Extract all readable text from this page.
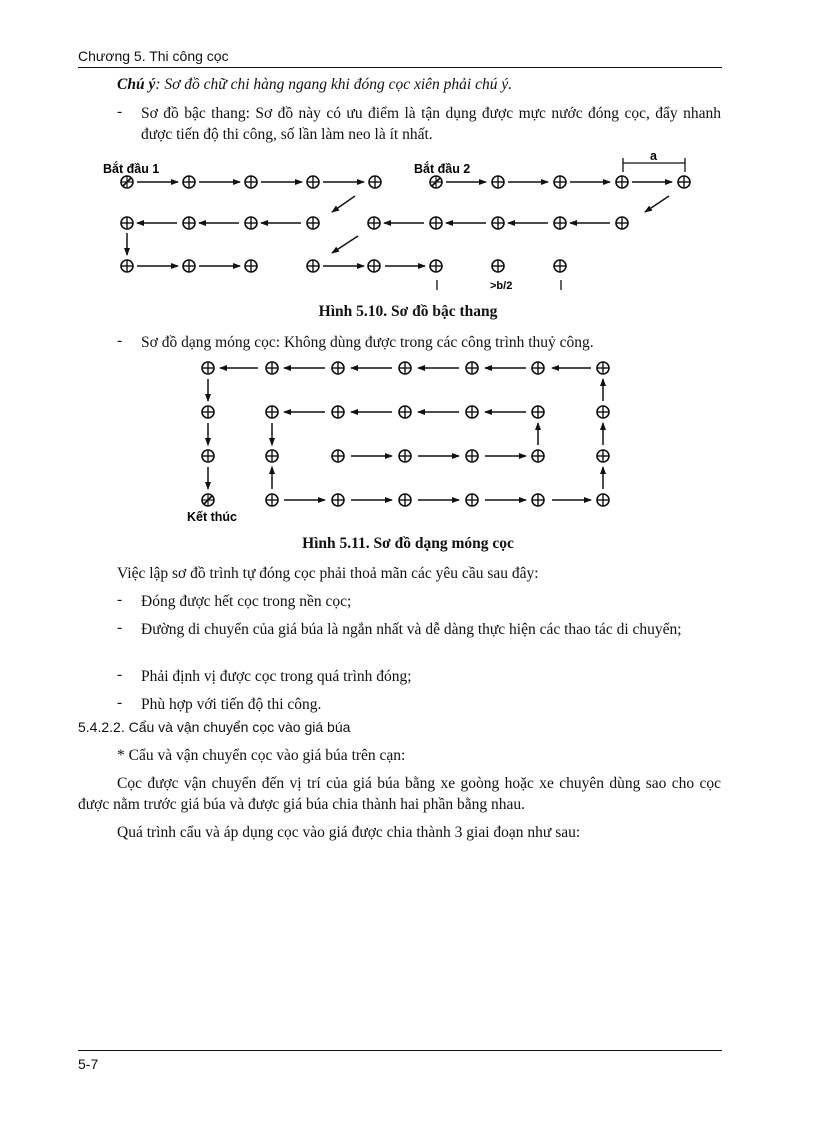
Chương 5. Thi công cọc

Chú ý: Sơ đồ chữ chi hàng ngang khi đóng cọc xiên phải chú ý.

- Sơ đồ bậc thang: Sơ đồ này có ưu điểm là tận dụng được mực nước đóng cọc, đẩy nhanh được tiến độ thi công, số lần làm neo là ít nhất.

Bắt đầu 1	Bắt đầu 2
a
>b/2
Hình 5.10. Sơ đồ bậc thang
- Sơ đồ dạng móng cọc: Không dùng được trong các công trình thuỷ công.

Kết thúc
Hình 5.11. Sơ đồ dạng móng cọc

Việc lập sơ đồ trình tự đóng cọc phải thoả mãn các yêu cầu sau đây:

- Đóng được hết cọc trong nền cọc;

- Đường di chuyển của giá búa là ngắn nhất và dễ dàng thực hiện các thao tác di chuyển;

- Phải định vị được cọc trong quá trình đóng;

- Phù hợp với tiến độ thi công.

5.4.2.2. Cẩu và vận chuyển cọc vào giá búa

* Cẩu và vận chuyển cọc vào giá búa trên cạn:

Cọc được vận chuyển đến vị trí của giá búa bằng xe goòng hoặc xe chuyên dùng sao cho cọc được nằm trước giá búa và được giá búa chia thành hai phần bằng nhau.

Quá trình cẩu và áp dụng cọc vào giá được chia thành 3 giai đoạn như sau:

5-7
